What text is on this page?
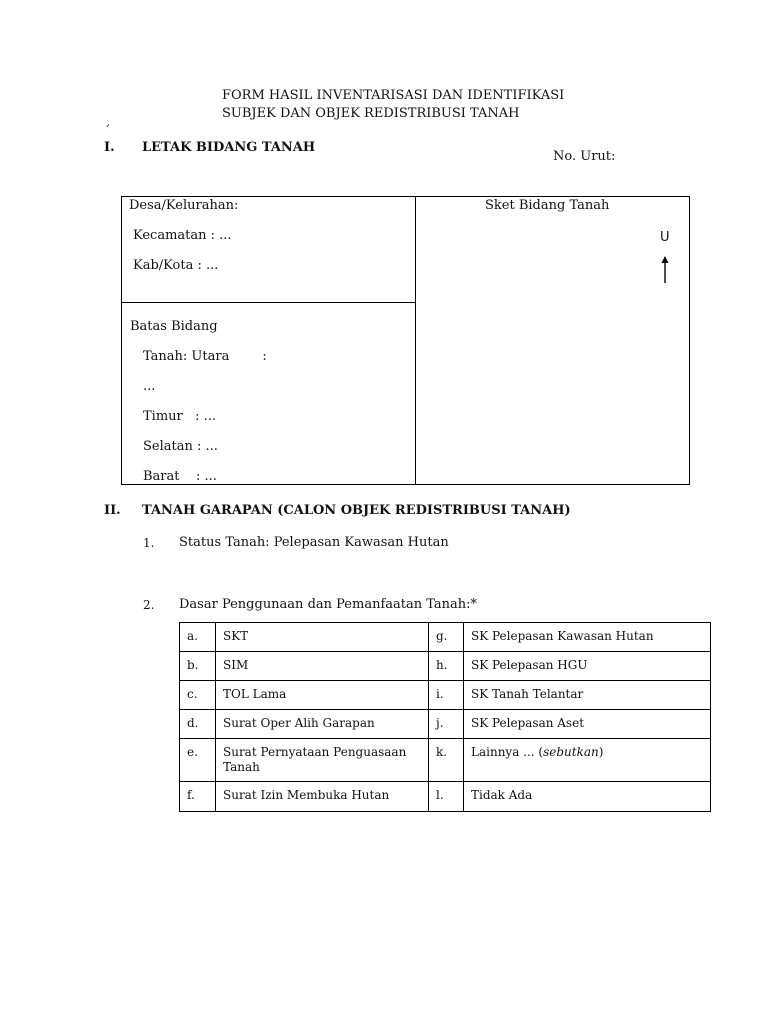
FORM HASIL INVENTARISASI DAN IDENTIFIKASI
SUBJEK DAN OBJEK REDISTRIBUSI TANAH
ˊ
I. LETAK BIDANG TANAH
No. Urut:
Desa/Kelurahan:
Kecamatan : ...
Kab/Kota : ...
Batas Bidang
Tanah: Utara        :
...
Timur   : ...
Selatan : ...
Barat    : ...
Sket Bidang Tanah
U
II. TANAH GARAPAN (CALON OBJEK REDISTRIBUSI TANAH)
1. Status Tanah: Pelepasan Kawasan Hutan
2. Dasar Penggunaan dan Pemanfaatan Tanah:*
a.	SKT	g.	SK Pelepasan Kawasan Hutan
b.	SIM	h.	SK Pelepasan HGU
c.	TOL Lama	i.	SK Tanah Telantar
d.	Surat Oper Alih Garapan	j.	SK Pelepasan Aset
e.	Surat Pernyataan Penguasaan Tanah	k.	Lainnya ... (sebutkan)
f.	Surat Izin Membuka Hutan	l.	Tidak Ada
